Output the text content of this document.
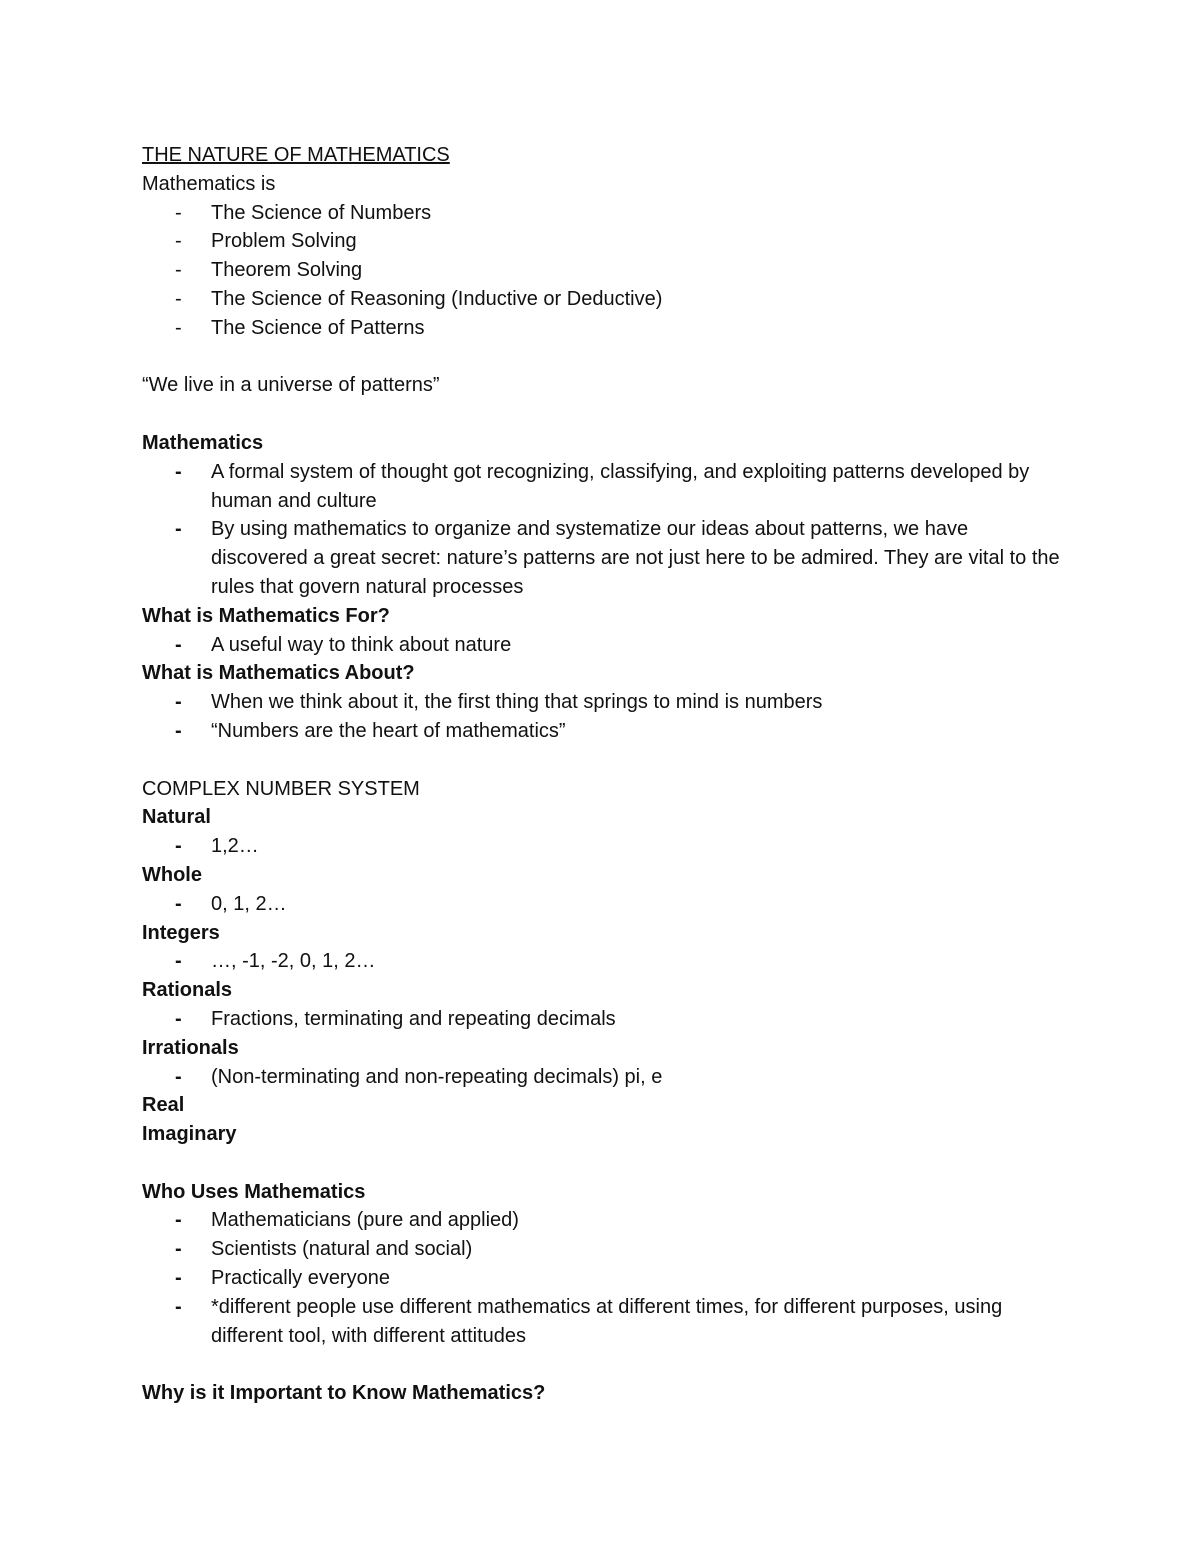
THE NATURE OF MATHEMATICS

Mathematics is

- The Science of Numbers
- Problem Solving
- Theorem Solving
- The Science of Reasoning (Inductive or Deductive)
- The Science of Patterns

“We live in a universe of patterns”

Mathematics

- A formal system of thought got recognizing, classifying, and exploiting patterns developed by human and culture
- By using mathematics to organize and systematize our ideas about patterns, we have discovered a great secret: nature’s patterns are not just here to be admired. They are vital to the rules that govern natural processes

What is Mathematics For?

- A useful way to think about nature

What is Mathematics About?

- When we think about it, the first thing that springs to mind is numbers
- “Numbers are the heart of mathematics”

COMPLEX NUMBER SYSTEM

Natural

- 1,2…

Whole

- 0, 1, 2…

Integers

- …, -1, -2, 0, 1, 2…

Rationals

- Fractions, terminating and repeating decimals

Irrationals

- (Non-terminating and non-repeating decimals) pi, e

Real

Imaginary

Who Uses Mathematics

- Mathematicians (pure and applied)
- Scientists (natural and social)
- Practically everyone
- *different people use different mathematics at different times, for different purposes, using different tool, with different attitudes

Why is it Important to Know Mathematics?
